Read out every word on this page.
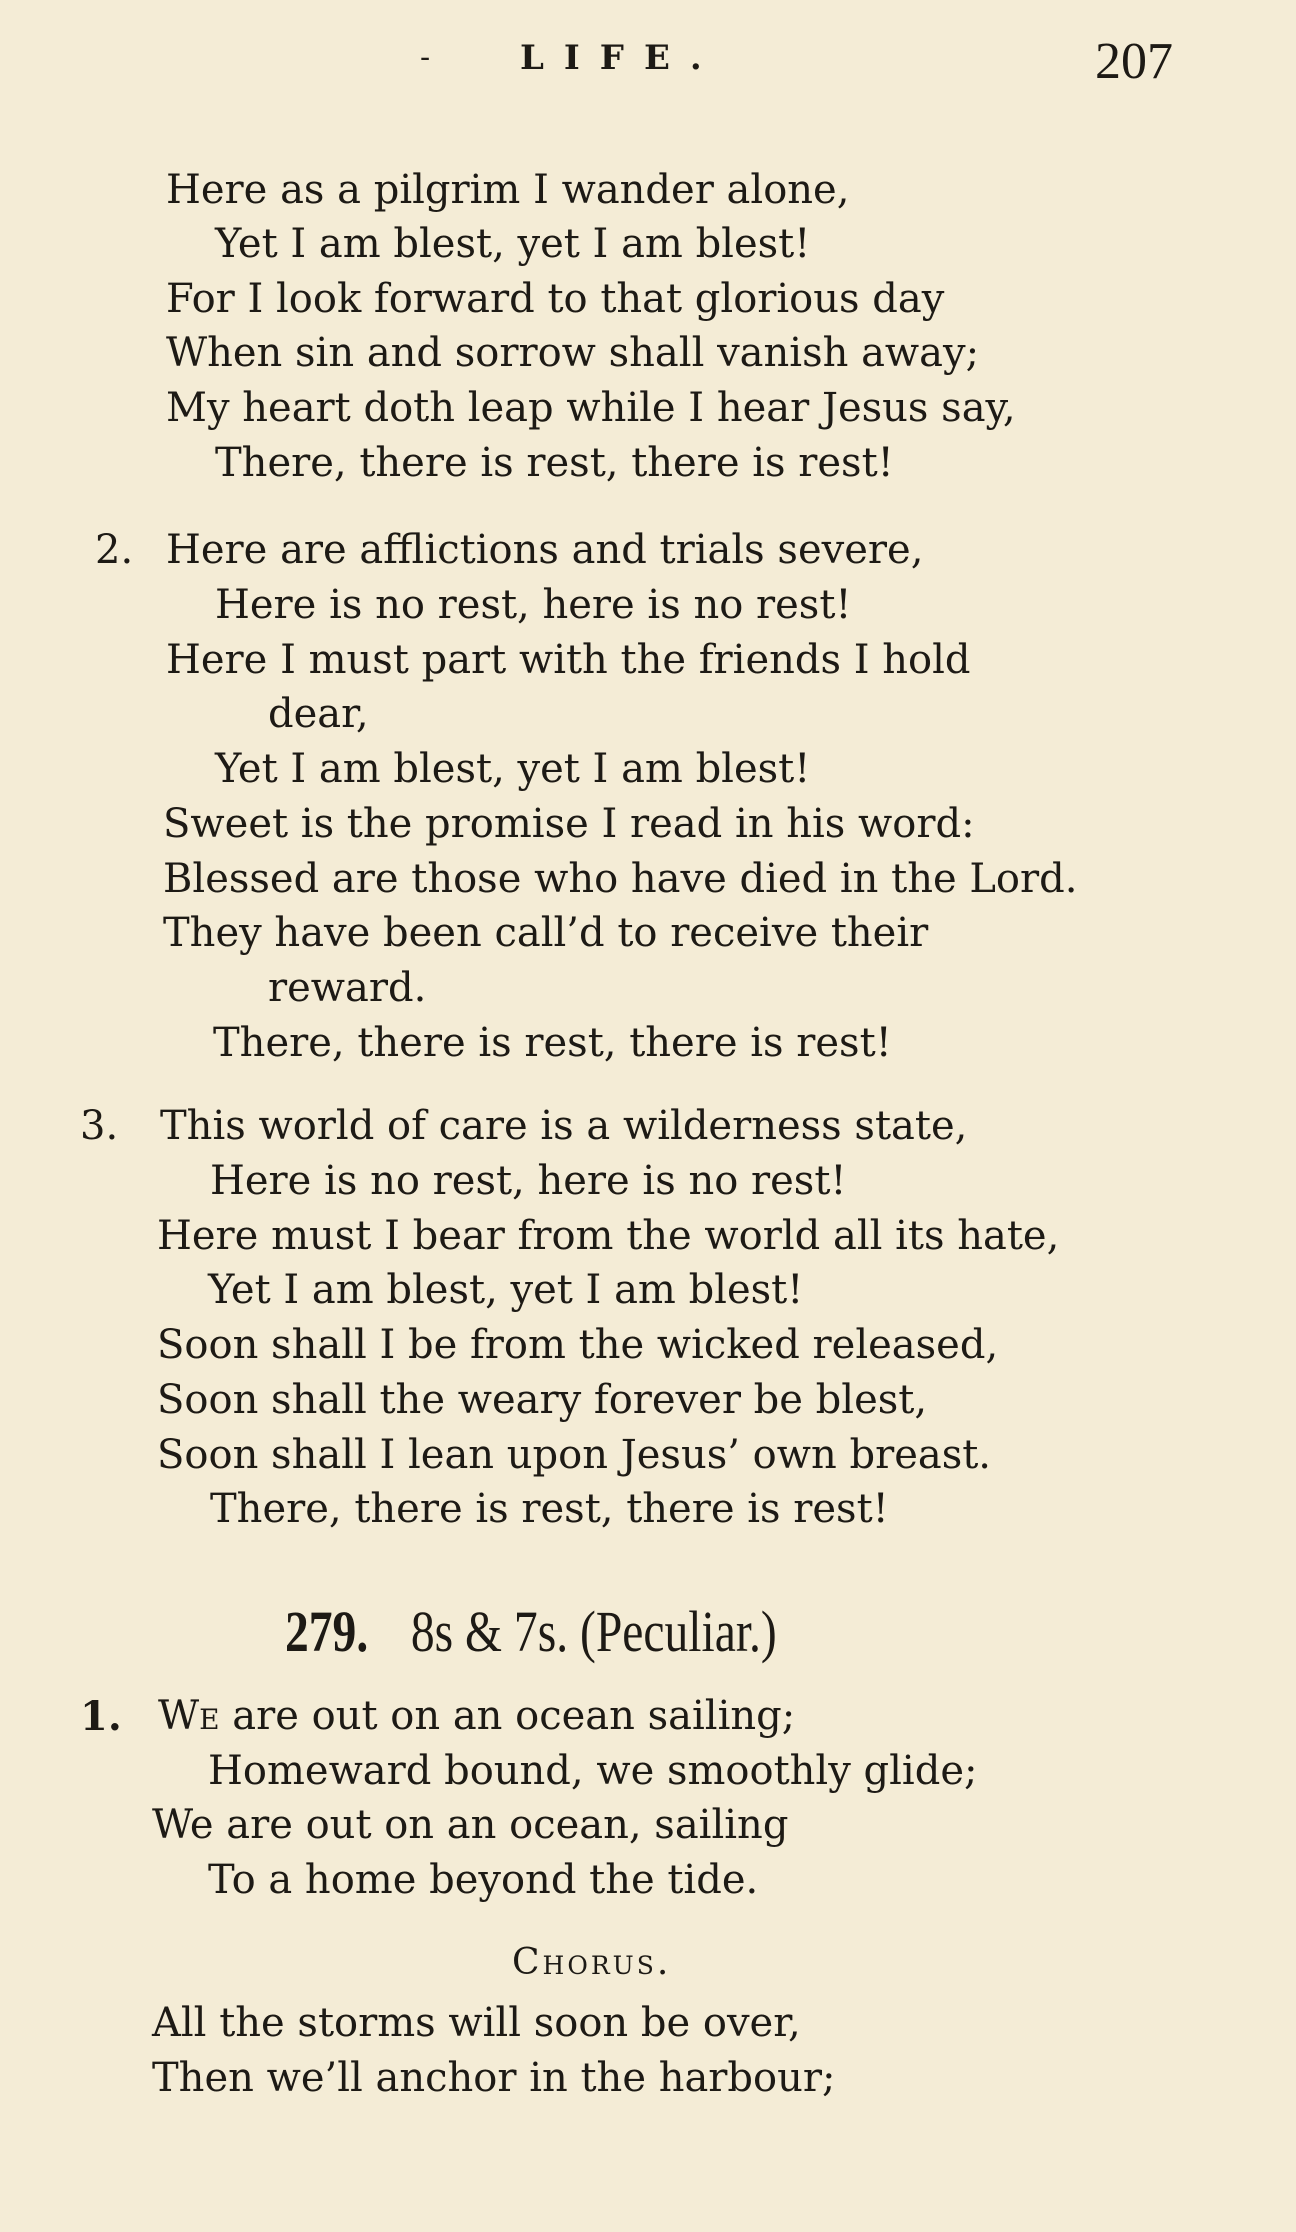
-	LIFE.	207
Here as a pilgrim I wander alone,
Yet I am blest, yet I am blest!
For I look forward to that glorious day
When sin and sorrow shall vanish away;
My heart doth leap while I hear Jesus say,
There, there is rest, there is rest!
2. Here are afflictions and trials severe,
Here is no rest, here is no rest!
Here I must part with the friends I hold
dear,
Yet I am blest, yet I am blest!
Sweet is the promise I read in his word:
Blessed are those who have died in the Lord.
They have been call’d to receive their
reward.
There, there is rest, there is rest!
3. This world of care is a wilderness state,
Here is no rest, here is no rest!
Here must I bear from the world all its hate,
Yet I am blest, yet I am blest!
Soon shall I be from the wicked released,
Soon shall the weary forever be blest,
Soon shall I lean upon Jesus’ own breast.
There, there is rest, there is rest!
279. 8s & 7s. (Peculiar.)
1. We are out on an ocean sailing;
Homeward bound, we smoothly glide;
We are out on an ocean, sailing
To a home beyond the tide.
Chorus.
All the storms will soon be over,
Then we’ll anchor in the harbour;
